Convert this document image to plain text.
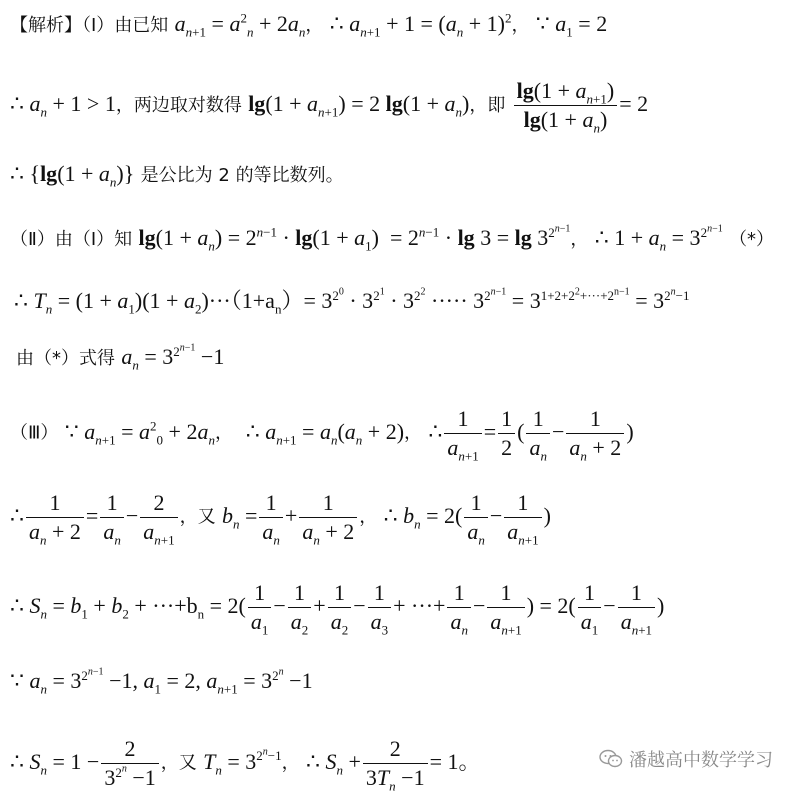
【解析】（Ⅰ）由已知 $a_{n+1} = a^2_n + 2a_n$， ∴ $a_{n+1} + 1 = (a_n + 1)^2$， ∵ $a_1 = 2$
∴ $a_n + 1 > 1$，两边取对数得 $\lg(1 + a_{n+1}) = 2$ $\lg(1 + a_n)$，即 $\frac{\lg(1 + a_{n+1})}{\lg(1 + a_n)} = 2$
∴ $\{\lg(1 + a_n)\}$ 是公比为 2 的等比数列。
（Ⅱ）由（Ⅰ）知 $\lg(1 + a_n) = 2^{n-1} \cdot \lg(1 + a_1) = 2^{n-1} \cdot \lg 3 = \lg 3^{2^{n-1}}$， ∴ $1 + a_n = 3^{2^{n-1}}$ （*）
∴ $T_n = (1 + a_1)(1 + a_2)\cdot\cdot\cdot(1+a_n)= 3^{2^0} \cdot 3^{2^1} \cdot 3^{2^2}$ ····· $3^{2^{n-1}} = 3^{1+2+2^2+\cdot\cdot\cdot+2^{n-1}} = 3^{2^n-1}$
由（*）式得 $a_n = 3^{2^{n-1}} -1$
（Ⅲ） ∵ $a_{n+1} = a^2_0 + 2a_n$， ∴ $a_{n+1} = a_n(a_n + 2)$， ∴ $\frac{1}{a_{n+1}} = \frac{1}{2}$ ( $\frac{1}{a_n} - \frac{1}{a_n + 2}$ )
∴ $\frac{1}{a_n + 2} = \frac{1}{a_n} - \frac{2}{a_{n+1}}$ ，又 $b_n = \frac{1}{a_n} + \frac{1}{a_n + 2}$ ， ∴ $b_n = 2( \frac{1}{a_n} - \frac{1}{a_{n+1}}$ )
∴ $S_n = b_1 + b_2 + \cdot\cdot\cdot+b_n = 2( \frac{1}{a_1} - \frac{1}{a_2} + \frac{1}{a_2} - \frac{1}{a_3}$ + ···+ $\frac{1}{a_n} - \frac{1}{a_{n+1}}$ ) = $2( \frac{1}{a_1} - \frac{1}{a_{n+1}}$ )
∵ $a_n = 3^{2^{n-1}} -1$, $a_1 = 2$, $a_{n+1} = 3^{2^n} -1$
∴ $S_n = 1 - \frac{2}{3^{2^n} -1}$ ，又 $T_n = 3^{2^n-1}$， ∴ $S_n + \frac{2}{3T_n -1} = 1$。	潘越高中数学学习
